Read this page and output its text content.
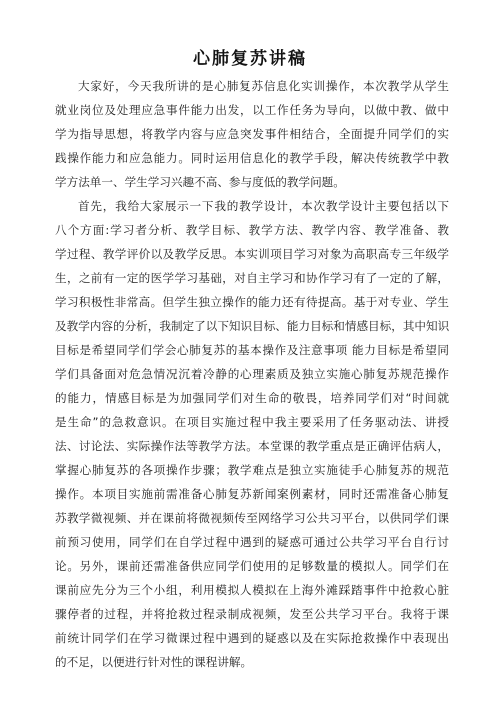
心肺复苏讲稿
大家好，今天我所讲的是心肺复苏信息化实训操作，本次教学从学生
就业岗位及处理应急事件能力出发，以工作任务为导向，以做中教、做中
学为指导思想，将教学内容与应急突发事件相结合，全面提升同学们的实
践操作能力和应急能力。同时运用信息化的教学手段，解决传统教学中教
学方法单一、学生学习兴趣不高、参与度低的教学问题。
首先，我给大家展示一下我的教学设计，本次教学设计主要包括以下
八个方面:学习者分析、教学目标、教学方法、教学内容、教学准备、教
学过程、教学评价以及教学反思。本实训项目学习对象为高职高专三年级学
生，之前有一定的医学学习基础，对自主学习和协作学习有了一定的了解，
学习积极性非常高。但学生独立操作的能力还有待提高。基于对专业、学生
及教学内容的分析，我制定了以下知识目标、能力目标和情感目标，其中知识
目标是希望同学们学会心肺复苏的基本操作及注意事项 能力目标是希望同
学们具备面对危急情况沉着冷静的心理素质及独立实施心肺复苏规范操作
的能力，情感目标是为加强同学们对生命的敬畏，培养同学们对“时间就
是生命”的急救意识。在项目实施过程中我主要采用了任务驱动法、讲授
法、讨论法、实际操作法等教学方法。本堂课的教学重点是正确评估病人，
掌握心肺复苏的各项操作步骤；教学难点是独立实施徒手心肺复苏的规范
操作。本项目实施前需准备心肺复苏新闻案例素材，同时还需准备心肺复
苏教学微视频、并在课前将微视频传至网络学习公共习平台，以供同学们课
前预习使用，同学们在自学过程中遇到的疑惑可通过公共学习平台自行讨
论。另外，课前还需准备供应同学们使用的足够数量的模拟人。同学们在
课前应先分为三个小组，利用模拟人模拟在上海外滩踩踏事件中抢救心脏
骤停者的过程，并将抢救过程录制成视频，发至公共学习平台。我将于课
前统计同学们在学习微课过程中遇到的疑惑以及在实际抢救操作中表现出
的不足，以便进行针对性的课程讲解。
